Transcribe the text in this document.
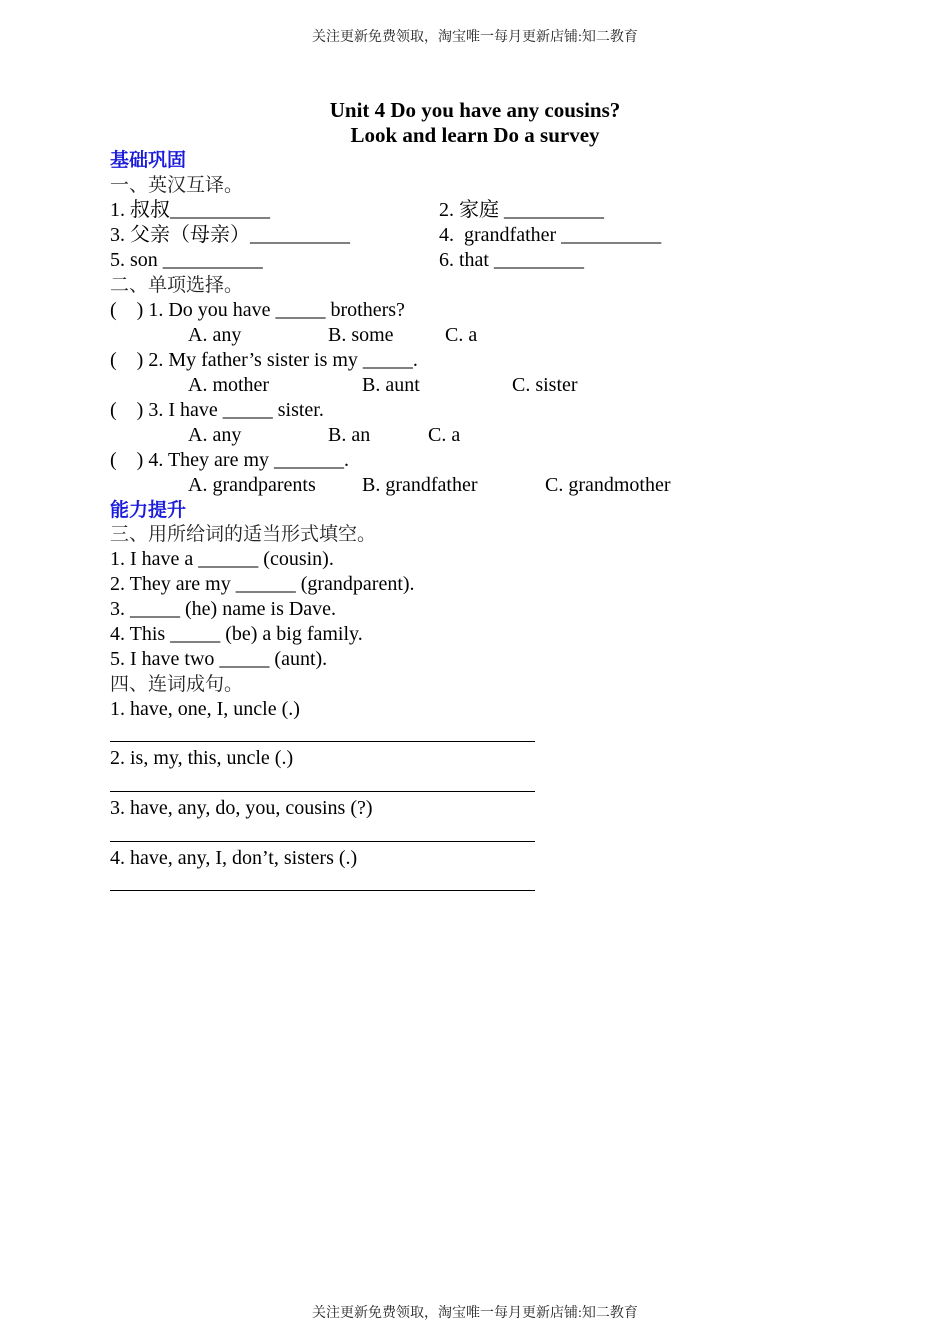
关注更新免费领取，淘宝唯一每月更新店铺:知二教育
Unit 4 Do you have any cousins?
Look and learn Do a survey
基础巩固
一、英汉互译。
1. 叔叔__________	2. 家庭 __________
3. 父亲（母亲）__________	4.  grandfather __________
5. son __________	6. that _________
二、单项选择。
(    ) 1. Do you have _____ brothers?
A. any	B. some	C. a
(    ) 2. My father’s sister is my _____.
A. mother	B. aunt	C. sister
(    ) 3. I have _____ sister.
A. any	B. an	C. a
(    ) 4. They are my _______.
A. grandparents B. grandfather	C. grandmother
能力提升
三、用所给词的适当形式填空。
1. I have a ______ (cousin).
2. They are my ______ (grandparent).
3. _____ (he) name is Dave.
4. This _____ (be) a big family.
5. I have two _____ (aunt).
四、连词成句。
1. have, one, I, uncle (.)
2. is, my, this, uncle (.)
3. have, any, do, you, cousins (?)
4. have, any, I, don’t, sisters (.)
关注更新免费领取，淘宝唯一每月更新店铺:知二教育
